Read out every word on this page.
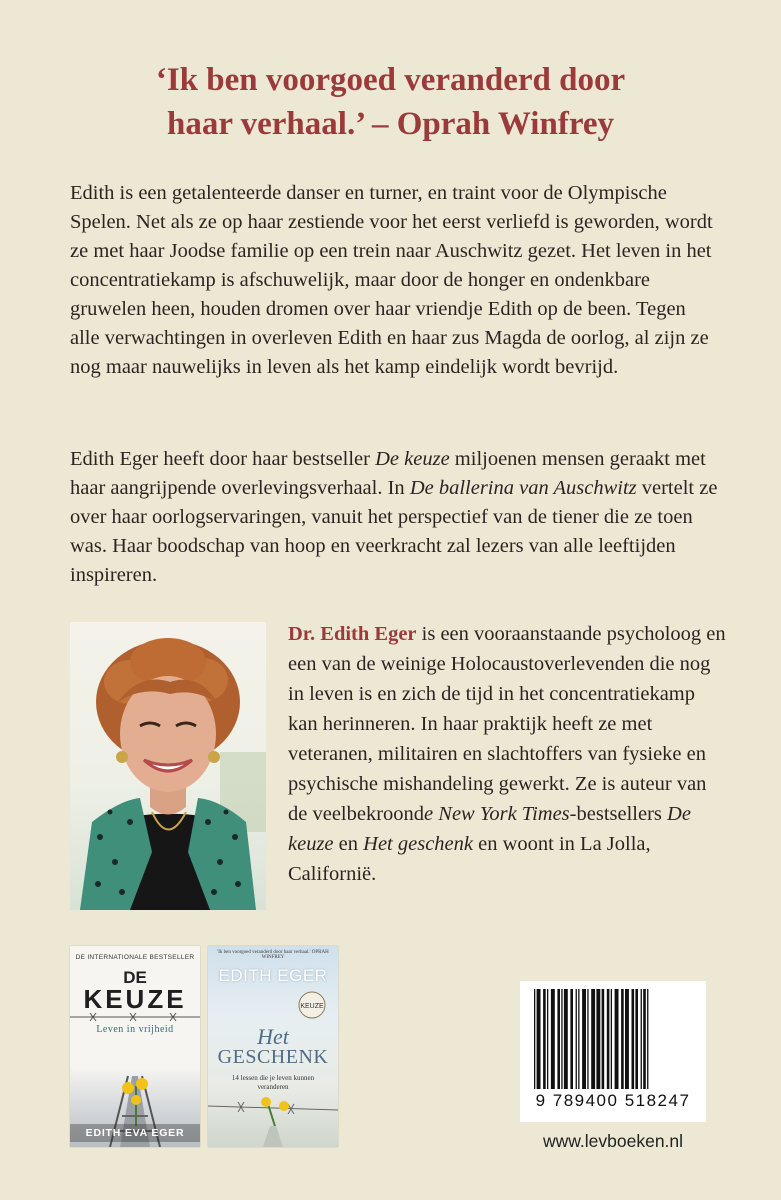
‘Ik ben voorgoed veranderd door
haar verhaal.’ – Oprah Winfrey

Edith is een getalenteerde danser en turner, en traint voor de Olympische Spelen. Net als ze op haar zestiende voor het eerst verliefd is geworden, wordt ze met haar Joodse familie op een trein naar Auschwitz gezet. Het leven in het concentratiekamp is afschuwelijk, maar door de honger en ondenkbare gruwelen heen, houden dromen over haar vriendje Edith op de been. Tegen alle verwachtingen in overleven Edith en haar zus Magda de oorlog, al zijn ze nog maar nauwelijks in leven als het kamp eindelijk wordt bevrijd.

Edith Eger heeft door haar bestseller De keuze miljoenen mensen geraakt met haar aangrijpende overlevingsverhaal. In De ballerina van Auschwitz vertelt ze over haar oorlogservaringen, vanuit het perspectief van de tiener die ze toen was. Haar boodschap van hoop en veerkracht zal lezers van alle leeftijden inspireren.

Dr. Edith Eger is een vooraanstaande psycholoog en een van de weinige Holocaustoverlevenden die nog in leven is en zich de tijd in het concentratiekamp kan herinneren. In haar praktijk heeft ze met veteranen, militairen en slachtoffers van fysieke en psychische mishandeling gewerkt. Ze is auteur van de veelbekroonde New York Times-bestsellers De keuze en Het geschenk en woont in La Jolla, Californië.

DE INTERNATIONALE BESTSELLER
DE
KEUZE
Leven in vrijheid
EDITH EVA EGER
'Ik ben voorgoed veranderd door haar verhaal.' OPRAH WINFREY
EDITH EGER
KEUZE
Het
GESCHENK
14 lessen die je leven kunnen veranderen
9 789400 518247
www.levboeken.nl
